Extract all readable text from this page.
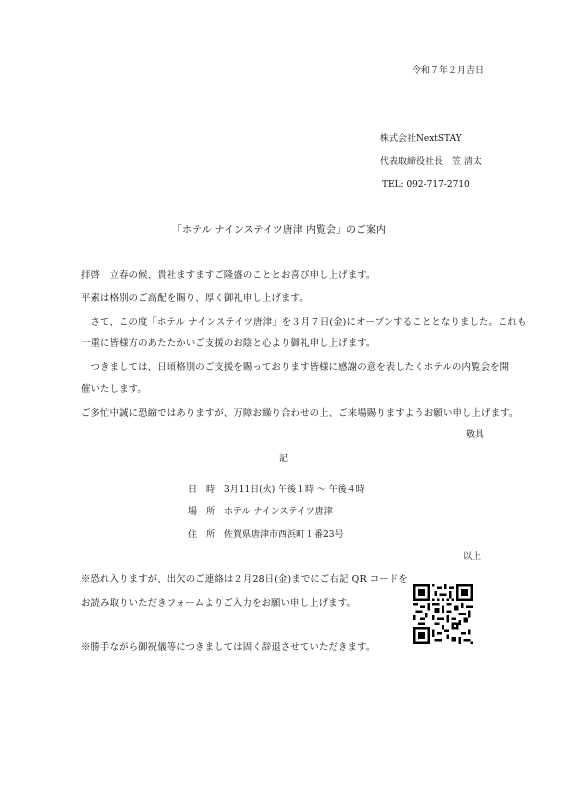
令和７年２月吉日
株式会社NextSTAY
代表取締役社長　笠 清太
TEL: 092-717-2710
「ホテル ナインステイツ唐津 内覧会」のご案内
拝啓　立春の候、貴社ますますご隆盛のこととお喜び申し上げます。
平素は格別のご高配を賜り、厚く御礼申し上げます。
　さて、この度「ホテル ナインステイツ唐津」を３月７日(金)にオープンすることとなりました。これも
一重に皆様方のあたたかいご支援のお陰と心より御礼申し上げます。
　つきましては、日頃格別のご支援を賜っております皆様に感謝の意を表したくホテルの内覧会を開
催いたします。
ご多忙中誠に恐縮ではありますが、万障お繰り合わせの上、ご来場賜りますようお願い申し上げます。
敬具
記
日　時　3月11日(火) 午後１時 ～ 午後４時
場　所　ホテル ナインステイツ唐津
住　所　佐賀県唐津市西浜町１番23号
以上
※恐れ入りますが、出欠のご連絡は２月28日(金)までにご右記 QR コードを
お読み取りいただきフォームよりご入力をお願い申し上げます。
※勝手ながら御祝儀等につきましては固く辞退させていただきます。
